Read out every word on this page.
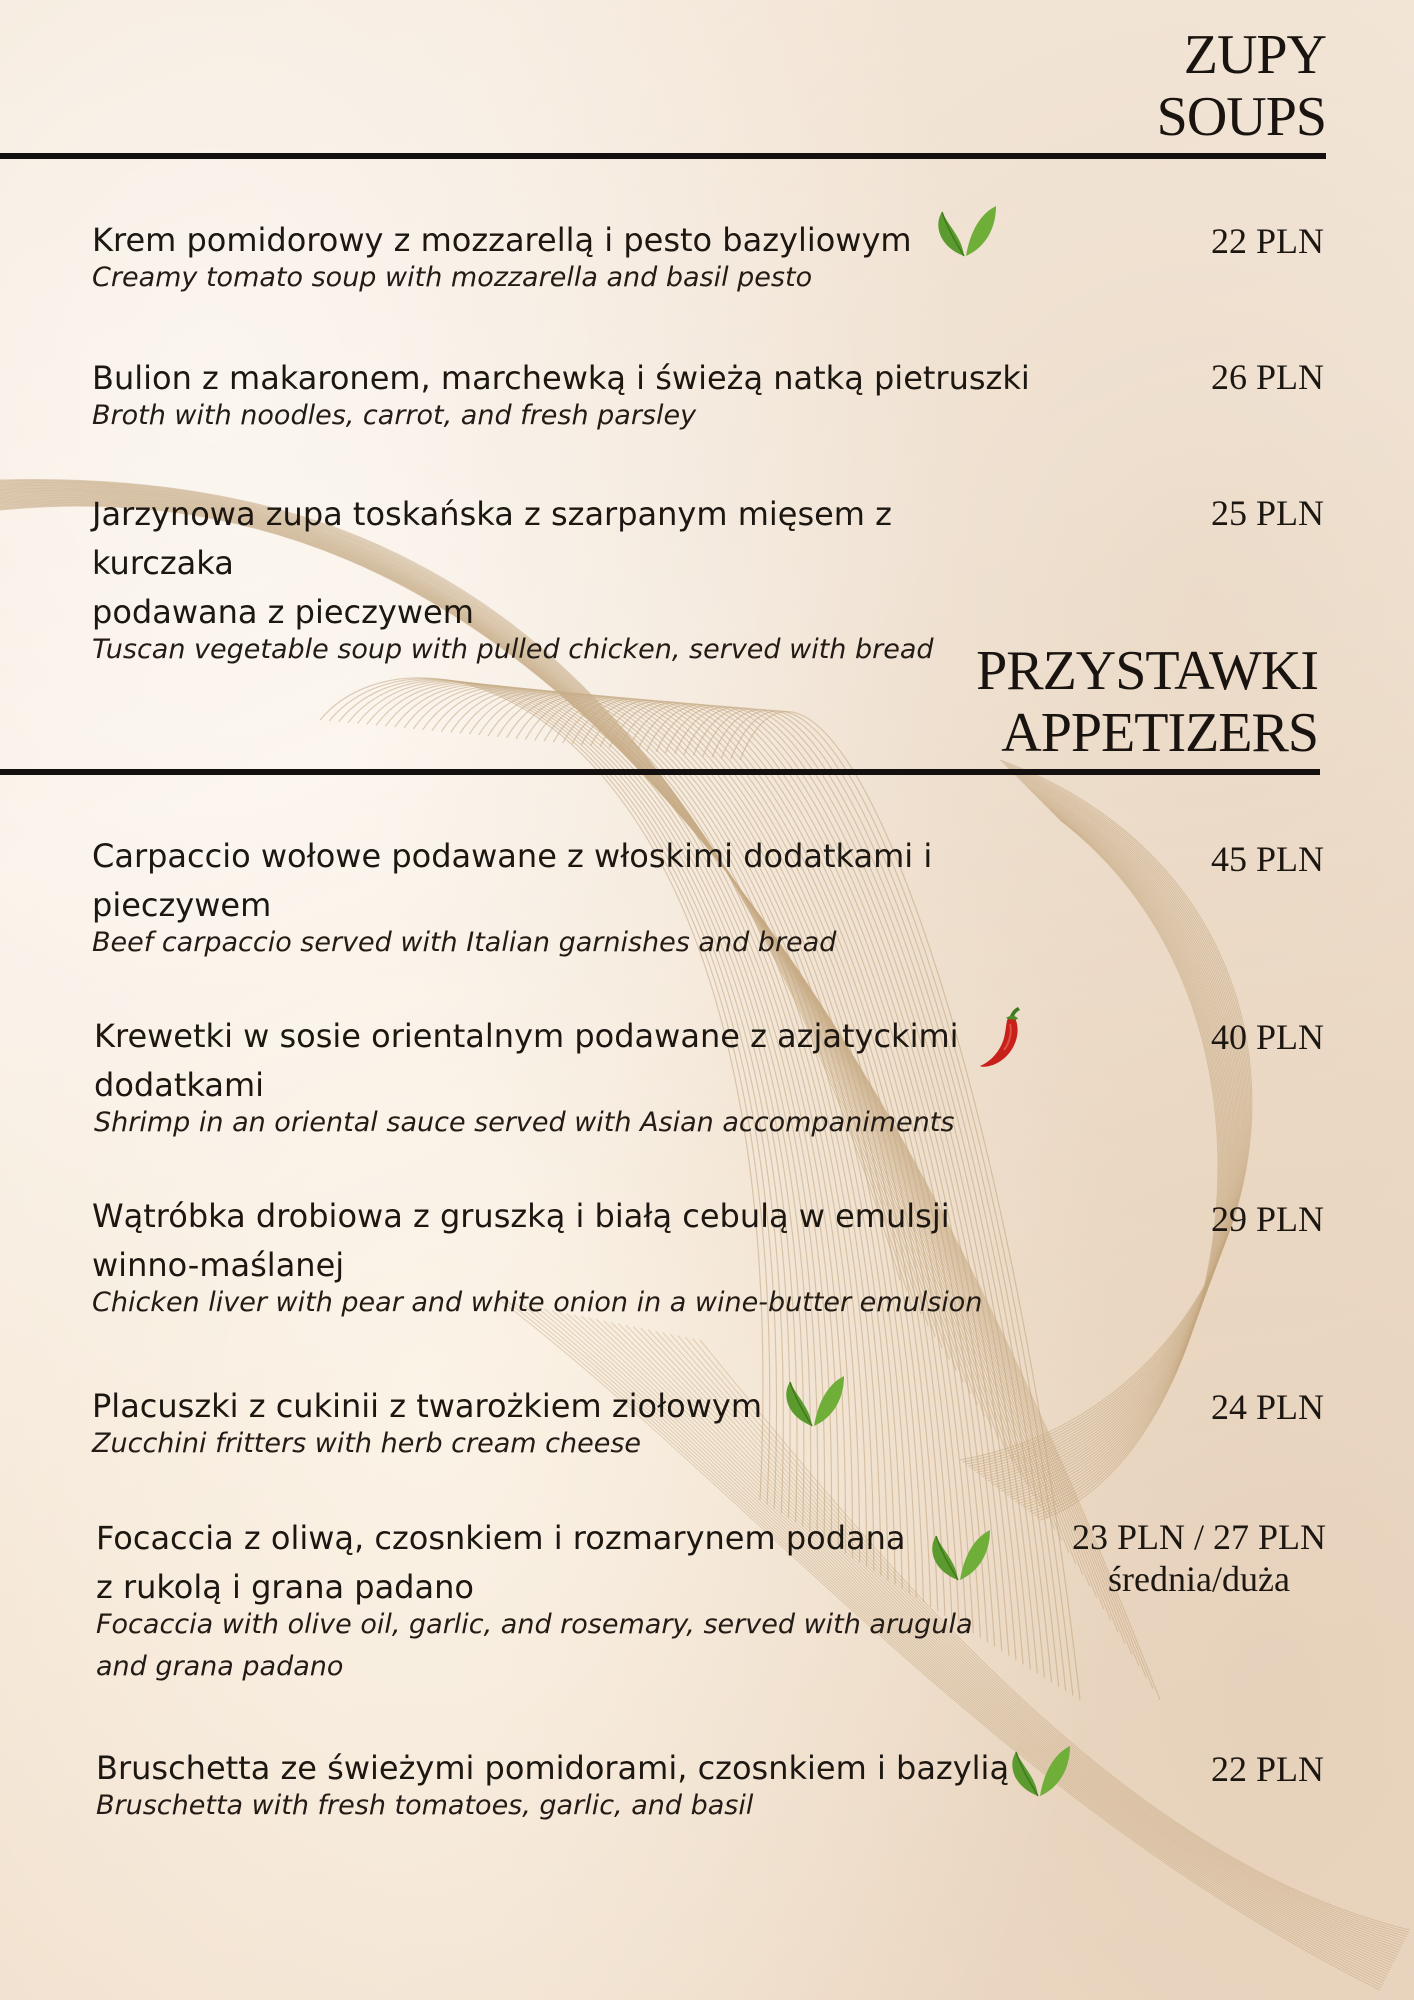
ZUPY
SOUPS
Krem pomidorowy z mozzarellą i pesto bazyliowym
Creamy tomato soup with mozzarella and basil pesto
22 PLN
Bulion z makaronem, marchewką i świeżą natką pietruszki
Broth with noodles, carrot, and fresh parsley
26 PLN
Jarzynowa zupa toskańska z szarpanym mięsem z kurczaka
podawana z pieczywem
Tuscan vegetable soup with pulled chicken, served with bread
25 PLN
PRZYSTAWKI
APPETIZERS
Carpaccio wołowe podawane z włoskimi dodatkami i
pieczywem
Beef carpaccio served with Italian garnishes and bread
45 PLN
Krewetki w sosie orientalnym podawane z azjatyckimi
dodatkami
Shrimp in an oriental sauce served with Asian accompaniments
40 PLN
Wątróbka drobiowa z gruszką i białą cebulą w emulsji
winno-maślanej
Chicken liver with pear and white onion in a wine-butter emulsion
29 PLN
Placuszki z cukinii z twarożkiem ziołowym
Zucchini fritters with herb cream cheese
24 PLN
Focaccia z oliwą, czosnkiem i rozmarynem podana
z rukolą i grana padano
Focaccia with olive oil, garlic, and rosemary, served with arugula
and grana padano
23 PLN / 27 PLN
średnia/duża
Bruschetta ze świeżymi pomidorami, czosnkiem i bazylią
Bruschetta with fresh tomatoes, garlic, and basil
22 PLN
